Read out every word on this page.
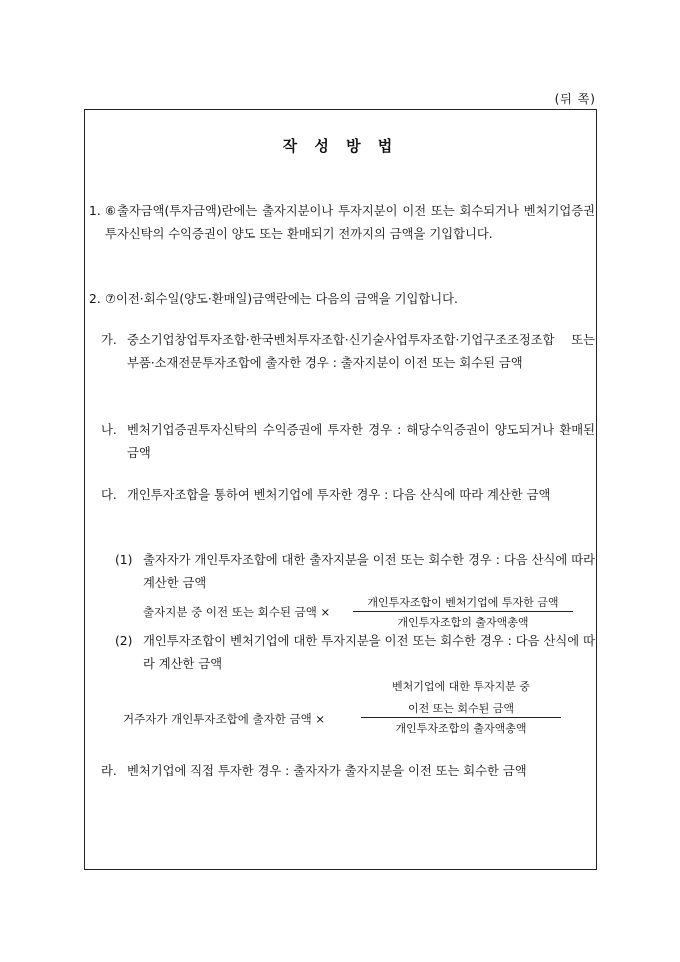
(뒤 쪽)
작 성 방 법
1. ⑥출자금액(투자금액)란에는 출자지분이나 투자지분이 이전 또는 회수되거나 벤처기업증권투자신탁의 수익증권이 양도 또는 환매되기 전까지의 금액을 기입합니다.
2. ⑦이전·회수일(양도·환매일)금액란에는 다음의 금액을 기입합니다.
가. 중소기업창업투자조합·한국벤처투자조합·신기술사업투자조합·기업구조조정조합 또는 부품·소재전문투자조합에 출자한 경우 : 출자지분이 이전 또는 회수된 금액
나. 벤처기업증권투자신탁의 수익증권에 투자한 경우 : 해당수익증권이 양도되거나 환매된 금액
다. 개인투자조합을 통하여 벤처기업에 투자한 경우 : 다음 산식에 따라 계산한 금액
(1) 출자자가 개인투자조합에 대한 출자지분을 이전 또는 회수한 경우 : 다음 산식에 따라 계산한 금액
출자지분 중 이전 또는 회수된 금액 ×
개인투자조합이 벤처기업에 투자한 금액
개인투자조합의 출자액총액
(2) 개인투자조합이 벤처기업에 대한 투자지분을 이전 또는 회수한 경우 : 다음 산식에 따라 계산한 금액
거주자가 개인투자조합에 출자한 금액 ×
벤처기업에 대한 투자지분 중
이전 또는 회수된 금액
개인투자조합의 출자액총액
라. 벤처기업에 직접 투자한 경우 : 출자자가 출자지분을 이전 또는 회수한 금액
